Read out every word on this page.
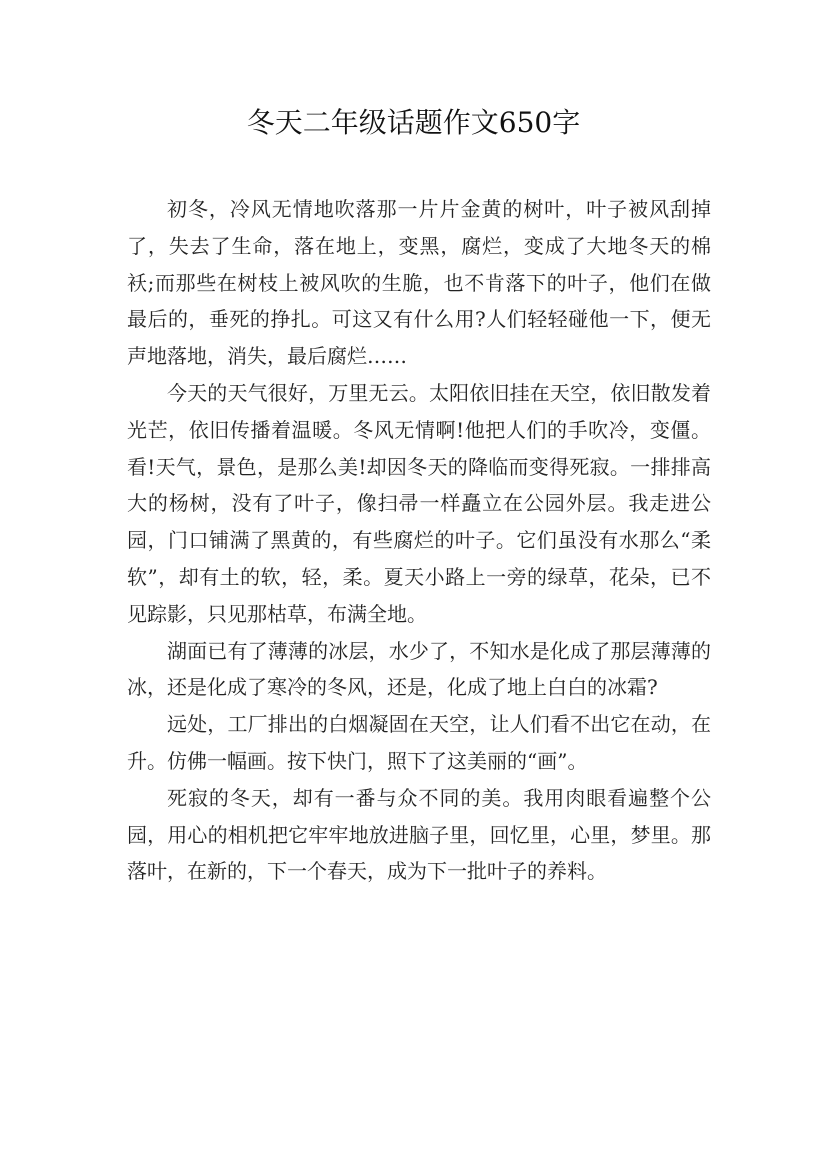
冬天二年级话题作文650字

初冬，冷风无情地吹落那一片片金黄的树叶，叶子被风刮掉了，失去了生命，落在地上，变黑，腐烂，变成了大地冬天的棉袄;而那些在树枝上被风吹的生脆，也不肯落下的叶子，他们在做最后的，垂死的挣扎。可这又有什么用?人们轻轻碰他一下，便无声地落地，消失，最后腐烂……

今天的天气很好，万里无云。太阳依旧挂在天空，依旧散发着光芒，依旧传播着温暖。冬风无情啊!他把人们的手吹冷，变僵。看!天气，景色，是那么美!却因冬天的降临而变得死寂。一排排高大的杨树，没有了叶子，像扫帚一样矗立在公园外层。我走进公园，门口铺满了黑黄的，有些腐烂的叶子。它们虽没有水那么“柔软”，却有土的软，轻，柔。夏天小路上一旁的绿草，花朵，已不见踪影，只见那枯草，布满全地。

湖面已有了薄薄的冰层，水少了，不知水是化成了那层薄薄的冰，还是化成了寒冷的冬风，还是，化成了地上白白的冰霜?

远处，工厂排出的白烟凝固在天空，让人们看不出它在动，在升。仿佛一幅画。按下快门，照下了这美丽的“画”。

死寂的冬天，却有一番与众不同的美。我用肉眼看遍整个公园，用心的相机把它牢牢地放进脑子里，回忆里，心里，梦里。那落叶，在新的，下一个春天，成为下一批叶子的养料。
